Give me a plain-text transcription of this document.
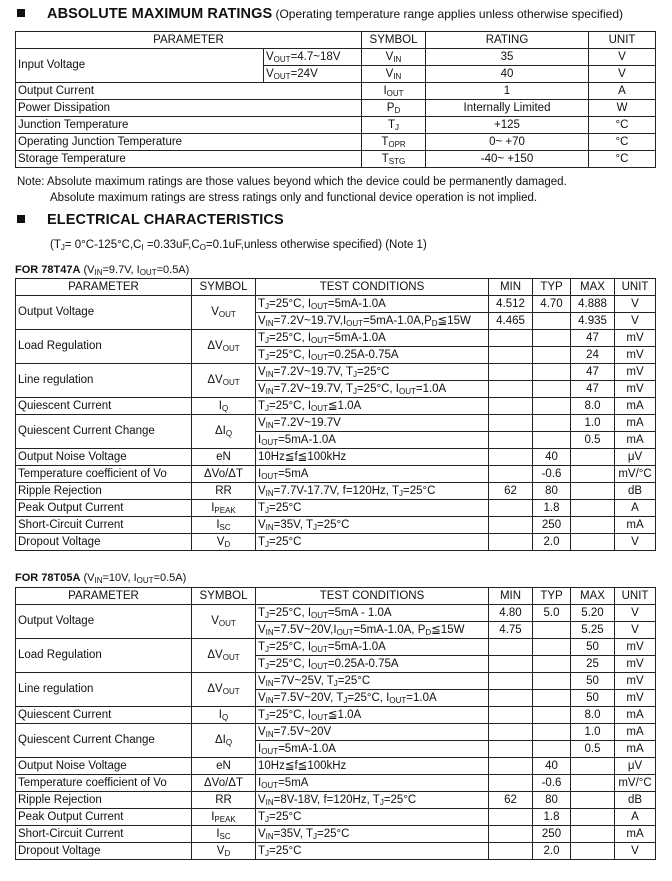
ABSOLUTE MAXIMUM RATINGS (Operating temperature range applies unless otherwise specified)
PARAMETER		SYMBOL	RATING	UNIT
Input Voltage	$V_{OUT}=4.7\sim 18V$	$V_{IN}$	35	V
	$V_{OUT}=24V$	$V_{IN}$	40	V
Output Current		$I_{OUT}$	1	A
Power Dissipation		$P_D$	Internally Limited	W
Junction Temperature		$T_J$	+125	°C
Operating Junction Temperature		$T_{OPR}$	0~ +70	°C
Storage Temperature		$T_{STG}$	-40~ +150	°C
Note: Absolute maximum ratings are those values beyond which the device could be permanently damaged.
Absolute maximum ratings are stress ratings only and functional device operation is not implied.
ELECTRICAL CHARACTERISTICS
($T_J= 0^\circ C-125^\circ C,C_I$ $=0.33uF,C_O=0.1uF,unless$ otherwise specified) (Note 1)
FOR 78T47A ($V_{IN}=9.7V$, $I_{OUT}=0.5A$)
PARAMETER	SYMBOL	TEST CONDITIONS	MIN	TYP	MAX	UNIT
Output Voltage	$V_{OUT}$	$T_J=25^\circ C$, $I_{OUT}=5mA-1.0A$	4.512	4.70	4.888	V
		$V_{IN}=7.2V\sim 19.7V,I_{OUT}=5mA-1.0A,P_D≦15W$	4.465		4.935	V
Load Regulation	$\Delta V_{OUT}$	$T_J=25^\circ C$, $I_{OUT}=5mA-1.0A$			47	mV
		$T_J=25^\circ C$, $I_{OUT}=0.25A-0.75A$			24	mV
Line regulation	$\Delta V_{OUT}$	$V_{IN}=7.2V\sim 19.7V$, $T_J=25^\circ C$			47	mV
		$V_{IN}=7.2V\sim 19.7V$, $T_J=25^\circ C$, $I_{OUT}=1.0A$			47	mV
Quiescent Current	$I_Q$	$T_J=25^\circ C$, $I_{OUT}≦1.0A$			8.0	mA
Quiescent Current Change	$\Delta I_Q$	$V_{IN}=7.2V\sim 19.7V$			1.0	mA
		$I_{OUT}=5mA-1.0A$			0.5	mA
Output Noise Voltage	eN	10Hz≦f≦100kHz		40		μV
Temperature coefficient of Vo	ΔVo/ΔT	$I_{OUT}=5mA$		-0.6		mV/°C
Ripple Rejection	RR	$V_{IN}=7.7V-17.7V$, f=120Hz, $T_J=25^\circ C$	62	80		dB
Peak Output Current	$I_{PEAK}$	$T_J=25^\circ C$		1.8		A
Short-Circuit Current	$I_{SC}$	$V_{IN}=35V$, $T_J=25^\circ C$		250		mA
Dropout Voltage	$V_D$	$T_J=25^\circ C$		2.0		V
FOR 78T05A ($V_{IN}=10V$, $I_{OUT}=0.5A$)
PARAMETER	SYMBOL	TEST CONDITIONS	MIN	TYP	MAX	UNIT
Output Voltage	$V_{OUT}$	$T_J=25^\circ C$, $I_{OUT}=5mA - 1.0A$	4.80	5.0	5.20	V
		$V_{IN}=7.5V\sim 20V,I_{OUT}=5mA-1.0A$, $P_D≦15W$	4.75		5.25	V
Load Regulation	$\Delta V_{OUT}$	$T_J=25^\circ C$, $I_{OUT}=5mA-1.0A$			50	mV
		$T_J=25^\circ C$, $I_{OUT}=0.25A-0.75A$			25	mV
Line regulation	$\Delta V_{OUT}$	$V_{IN}=7V\sim 25V$, $T_J=25^\circ C$			50	mV
		$V_{IN}=7.5V\sim 20V$, $T_J=25^\circ C$, $I_{OUT}=1.0A$			50	mV
Quiescent Current	$I_Q$	$T_J=25^\circ C$, $I_{OUT}≦1.0A$			8.0	mA
Quiescent Current Change	$\Delta I_Q$	$V_{IN}=7.5V\sim 20V$			1.0	mA
		$I_{OUT}=5mA-1.0A$			0.5	mA
Output Noise Voltage	eN	10Hz≦f≦100kHz		40		μV
Temperature coefficient of Vo	ΔVo/ΔT	$I_{OUT}=5mA$		-0.6		mV/°C
Ripple Rejection	RR	$V_{IN}=8V-18V$, f=120Hz, $T_J=25^\circ C$	62	80		dB
Peak Output Current	$I_{PEAK}$	$T_J=25^\circ C$		1.8		A
Short-Circuit Current	$I_{SC}$	$V_{IN}=35V$, $T_J=25^\circ C$		250		mA
Dropout Voltage	$V_D$	$T_J=25^\circ C$		2.0		V
